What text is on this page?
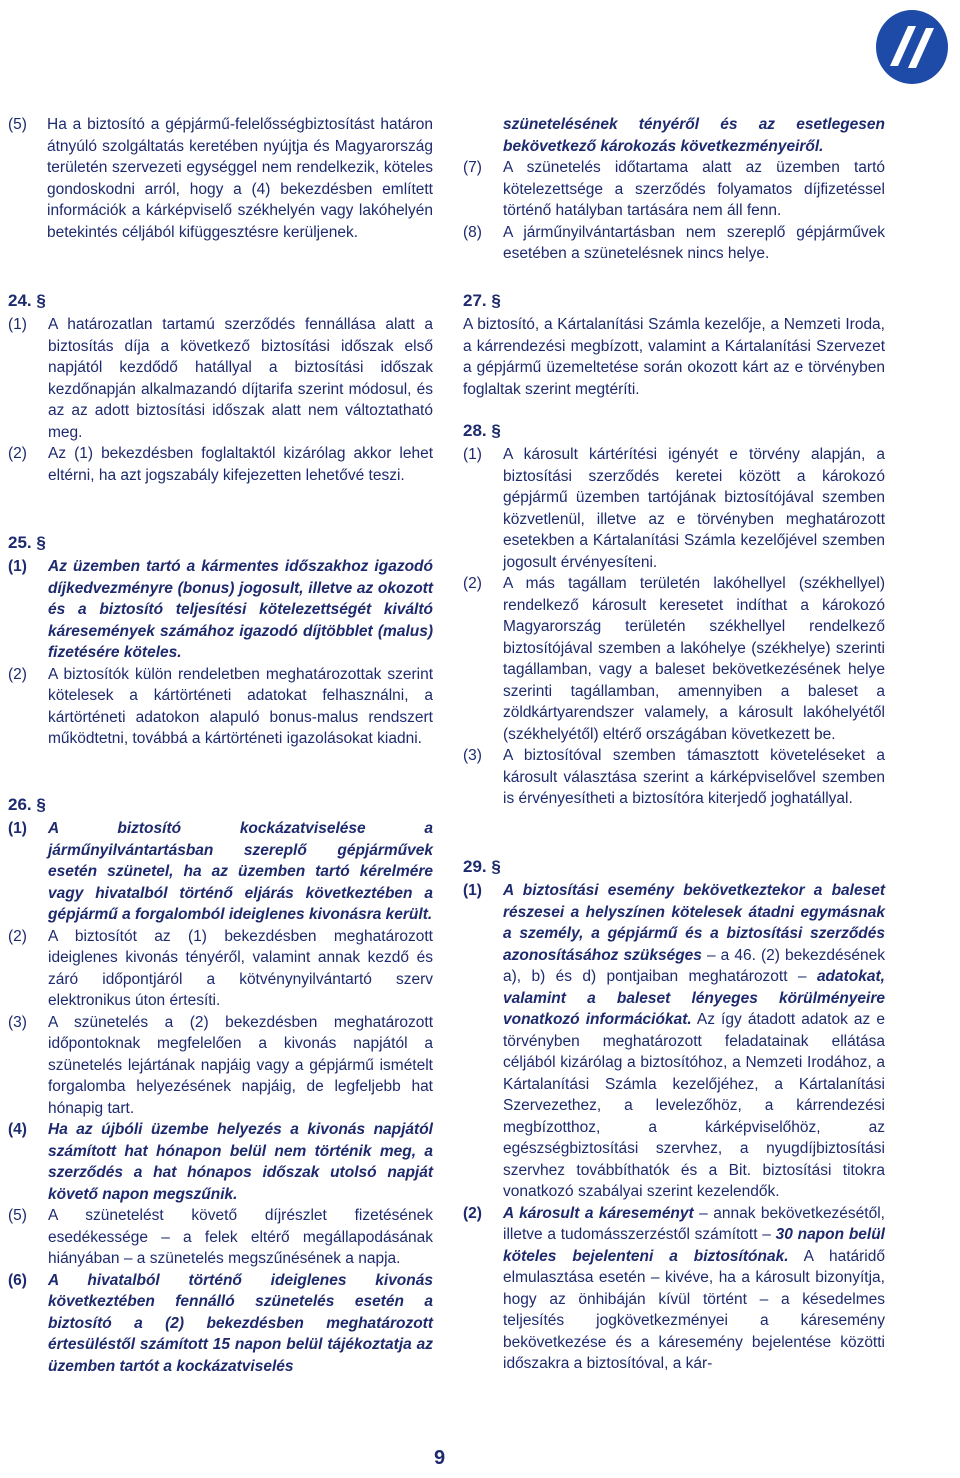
(5) Ha a biztosító a gépjármű-felelősségbiztosítást határon átnyúló szolgáltatás keretében nyújtja és Magyarország területén szervezeti egységgel nem rendelkezik, köteles gondoskodni arról, hogy a (4) bekezdésben említett információk a kárképviselő székhelyén vagy lakóhelyén betekintés céljából kifüggesztésre kerüljenek.
24. §
(1) A határozatlan tartamú szerződés fennállása alatt a biztosítás díja a következő biztosítási időszak első napjától kezdődő hatállyal a biztosítási időszak kezdőnapján alkalmazandó díjtarifa szerint módosul, és az az adott biztosítási időszak alatt nem változtatható meg.
(2) Az (1) bekezdésben foglaltaktól kizárólag akkor lehet eltérni, ha azt jogszabály kifejezetten lehetővé teszi.
25. §
(1) Az üzemben tartó a kármentes időszakhoz igazodó díjkedvezményre (bonus) jogosult, illetve az okozott és a biztosító teljesítési kötelezettségét kiváltó káresemények számához igazodó díjtöbblet (malus) fizetésére köteles.
(2) A biztosítók külön rendeletben meghatározottak szerint kötelesek a kártörténeti adatokat felhasználni, a kártörténeti adatokon alapuló bonus-malus rendszert működtetni, továbbá a kártörténeti igazolásokat kiadni.
26. §
(1) A biztosító kockázatviselése a járműnyilvántartásban szereplő gépjárművek esetén szünetel, ha az üzemben tartó kérelmére vagy hivatalból történő eljárás következtében a gépjármű a forgalomból ideiglenes kivonásra került.
(2) A biztosítót az (1) bekezdésben meghatározott ideiglenes kivonás tényéről, valamint annak kezdő és záró időpontjáról a kötvénynyilvántartó szerv elektronikus úton értesíti.
(3) A szünetelés a (2) bekezdésben meghatározott időpontoknak megfelelően a kivonás napjától a szünetelés lejártának napjáig vagy a gépjármű ismételt forgalomba helyezésének napjáig, de legfeljebb hat hónapig tart.
(4) Ha az újbóli üzembe helyezés a kivonás napjától számított hat hónapon belül nem történik meg, a szerződés a hat hónapos időszak utolsó napját követő napon megszűnik.
(5) A szünetelést követő díjrészlet fizetésének esedékessége – a felek eltérő megállapodásának hiányában – a szünetelés megszűnésének a napja.
(6) A hivatalból történő ideiglenes kivonás következtében fennálló szünetelés esetén a biztosító a (2) bekezdésben meghatározott értesüléstől számított 15 napon belül tájékoztatja az üzemben tartót a kockázatviselés
szünetelésének tényéről és az esetlegesen bekövetkező károkozás következményeiről.
(7) A szünetelés időtartama alatt az üzemben tartó kötelezettsége a szerződés folyamatos díjfizetéssel történő hatályban tartására nem áll fenn.
(8) A járműnyilvántartásban nem szereplő gépjárművek esetében a szünetelésnek nincs helye.
27. §
A biztosító, a Kártalanítási Számla kezelője, a Nemzeti Iroda, a kárrendezési megbízott, valamint a Kártalanítási Szervezet a gépjármű üzemeltetése során okozott kárt az e törvényben foglaltak szerint megtéríti.
28. §
(1) A károsult kártérítési igényét e törvény alapján, a biztosítási szerződés keretei között a károkozó gépjármű üzemben tartójának biztosítójával szemben közvetlenül, illetve az e törvényben meghatározott esetekben a Kártalanítási Számla kezelőjével szemben jogosult érvényesíteni.
(2) A más tagállam területén lakóhellyel (székhellyel) rendelkező károsult keresetet indíthat a károkozó Magyarország területén székhellyel rendelkező biztosítójával szemben a lakóhelye (székhelye) szerinti tagállamban, vagy a baleset bekövetkezésének helye szerinti tagállamban, amennyiben a baleset a zöldkártyarendszer valamely, a károsult lakóhelyétől (székhelyétől) eltérő országában következett be.
(3) A biztosítóval szemben támasztott követeléseket a károsult választása szerint a kárképviselővel szemben is érvényesítheti a biztosítóra kiterjedő joghatállyal.
29. §
(1) A biztosítási esemény bekövetkeztekor a baleset részesei a helyszínen kötelesek átadni egymásnak a személy, a gépjármű és a biztosítási szerződés azonosításához szükséges – a 46. (2) bekezdésének a), b) és d) pontjaiban meghatározott – adatokat, valamint a baleset lényeges körülményeire vonatkozó információkat. Az így átadott adatok az e törvényben meghatározott feladatainak ellátása céljából kizárólag a biztosítóhoz, a Nemzeti Irodához, a Kártalanítási Számla kezelőjéhez, a Kártalanítási Szervezethez, a levelezőhöz, a kárrendezési megbízotthoz, a kárképviselőhöz, az egészségbiztosítási szervhez, a nyugdíjbiztosítási szervhez továbbíthatók és a Bit. biztosítási titokra vonatkozó szabályai szerint kezelendők.
(2) A károsult a káreseményt – annak bekövetkezésétől, illetve a tudomásszerzéstől számított – 30 napon belül köteles bejelenteni a biztosítónak. A határidő elmulasztása esetén – kivéve, ha a károsult bizonyítja, hogy az önhibáján kívül történt – a késedelmes teljesítés jogkövetkezményei a káresemény bekövetkezése és a káresemény bejelentése közötti időszakra a biztosítóval, a kár-
9
